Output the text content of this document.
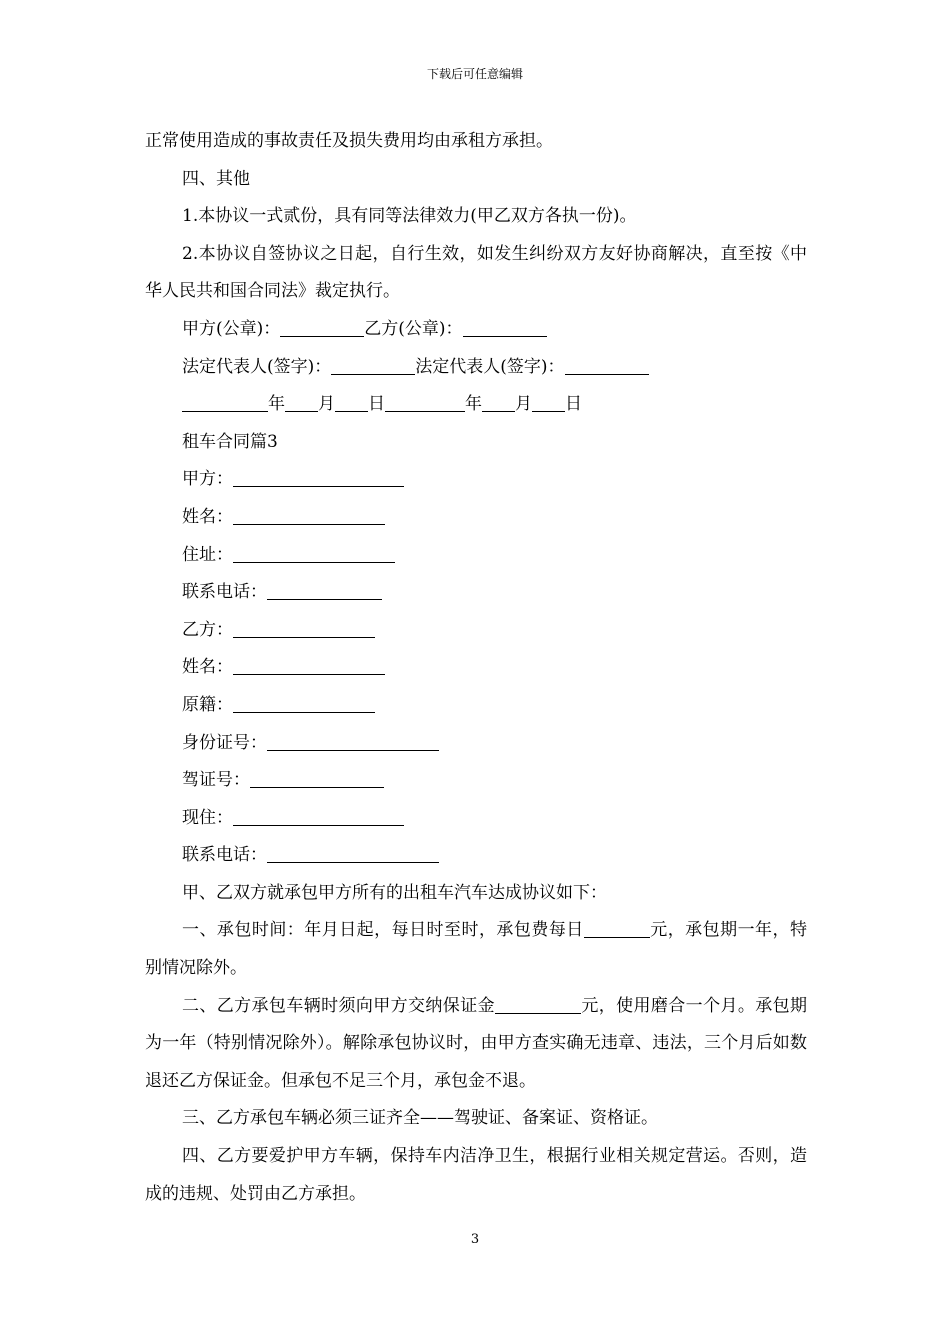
下载后可任意编辑

正常使用造成的事故责任及损失费用均由承租方承担。

四、其他

1.本协议一式贰份，具有同等法律效力(甲乙双方各执一份)。

2.本协议自签协议之日起，自行生效，如发生纠纷双方友好协商解决，直至按《中华人民共和国合同法》裁定执行。

甲方(公章)：	乙方(公章)：

法定代表人(签字)：	法定代表人(签字)：

年 月 日	年 月 日

租车合同篇3

甲方：

姓名：

住址：

联系电话：

乙方：

姓名：

原籍：

身份证号：

驾证号：

现住：

联系电话：

甲、乙双方就承包甲方所有的出租车汽车达成协议如下：

一、承包时间：年月日起，每日时至时，承包费每日	元，承包期一年，特别情况除外。

二、乙方承包车辆时须向甲方交纳保证金	元，使用磨合一个月。承包期为一年（特别情况除外）。解除承包协议时，由甲方查实确无违章、违法，三个月后如数退还乙方保证金。但承包不足三个月，承包金不退。

三、乙方承包车辆必须三证齐全——驾驶证、备案证、资格证。

四、乙方要爱护甲方车辆，保持车内洁净卫生，根据行业相关规定营运。否则，造成的违规、处罚由乙方承担。

3
